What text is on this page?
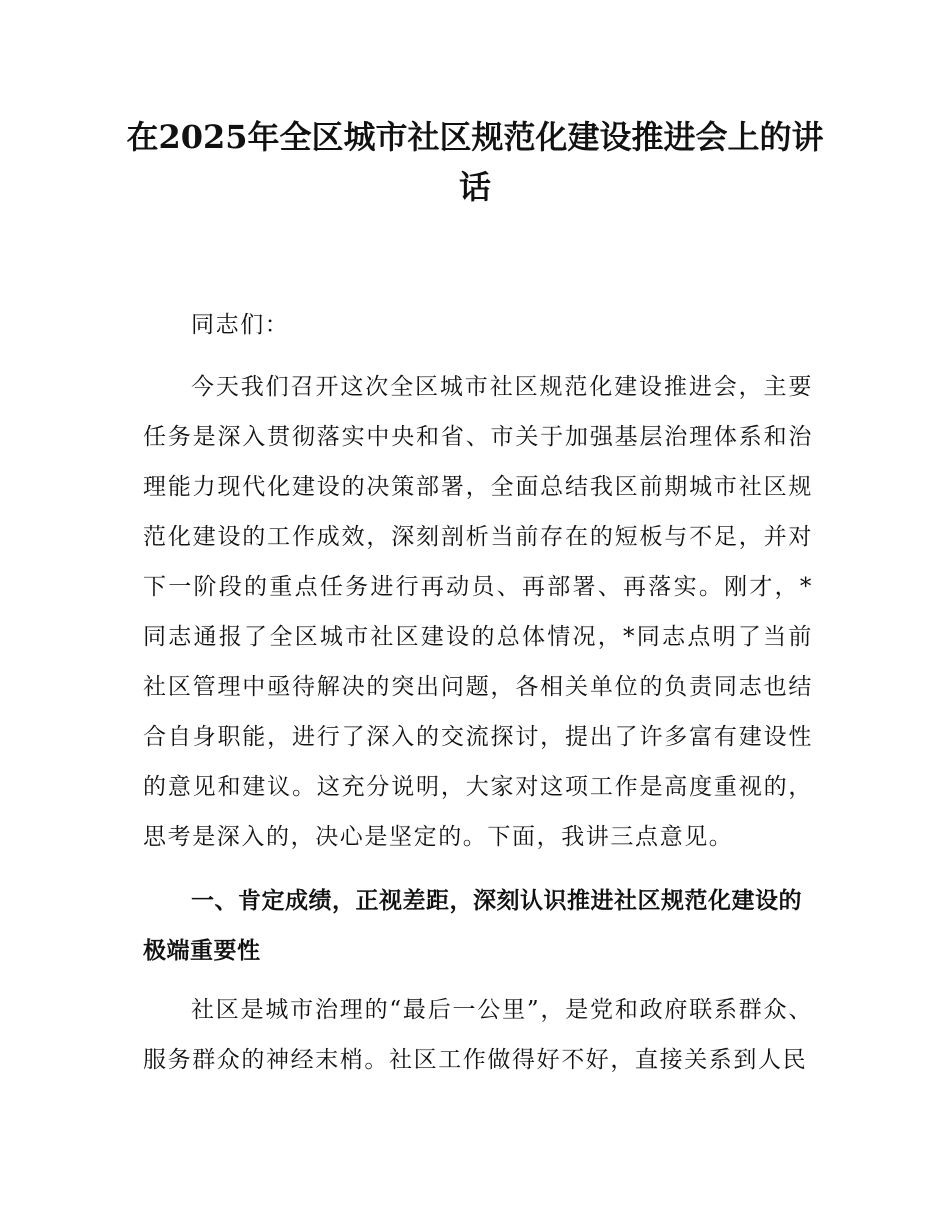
在2025年全区城市社区规范化建设推进会上的讲话

同志们：

今天我们召开这次全区城市社区规范化建设推进会，主要任务是深入贯彻落实中央和省、市关于加强基层治理体系和治理能力现代化建设的决策部署，全面总结我区前期城市社区规范化建设的工作成效，深刻剖析当前存在的短板与不足，并对下一阶段的重点任务进行再动员、再部署、再落实。刚才，*同志通报了全区城市社区建设的总体情况，*同志点明了当前社区管理中亟待解决的突出问题，各相关单位的负责同志也结合自身职能，进行了深入的交流探讨，提出了许多富有建设性的意见和建议。这充分说明，大家对这项工作是高度重视的，思考是深入的，决心是坚定的。下面，我讲三点意见。

一、肯定成绩，正视差距，深刻认识推进社区规范化建设的极端重要性

社区是城市治理的“最后一公里”，是党和政府联系群众、服务群众的神经末梢。社区工作做得好不好，直接关系到人民
